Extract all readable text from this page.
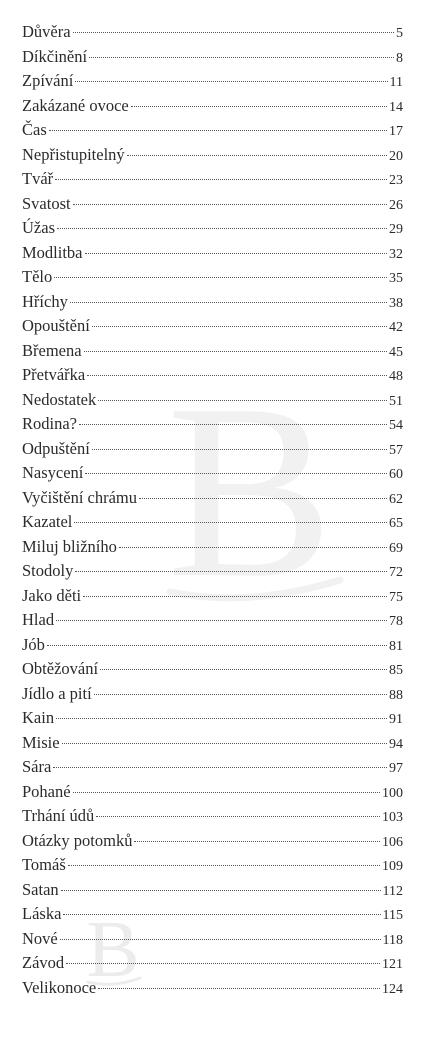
B
B
Důvěra	5
Díkčinění	8
Zpívání	11
Zakázané ovoce	14
Čas	17
Nepřistupitelný	20
Tvář	23
Svatost	26
Úžas	29
Modlitba	32
Tělo	35
Hříchy	38
Opouštění	42
Břemena	45
Přetvářka	48
Nedostatek	51
Rodina?	54
Odpuštění	57
Nasycení	60
Vyčištění chrámu	62
Kazatel	65
Miluj bližního	69
Stodoly	72
Jako děti	75
Hlad	78
Jób	81
Obtěžování	85
Jídlo a pití	88
Kain	91
Misie	94
Sára	97
Pohané	100
Trhání údů	103
Otázky potomků	106
Tomáš	109
Satan	112
Láska	115
Nové	118
Závod	121
Velikonoce	124
